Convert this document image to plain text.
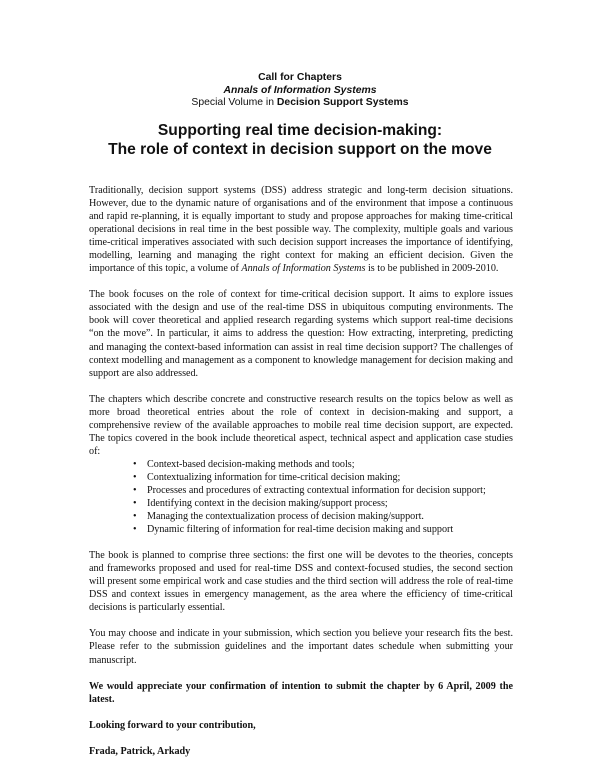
Call for Chapters
Annals of Information Systems
Special Volume in Decision Support Systems
Supporting real time decision-making:
The role of context in decision support on the move

Traditionally, decision support systems (DSS) address strategic and long-term decision situations. However, due to the dynamic nature of organisations and of the environment that impose a continuous and rapid re-planning, it is equally important to study and propose approaches for making time-critical operational decisions in real time in the best possible way. The complexity, multiple goals and various time-critical imperatives associated with such decision support increases the importance of identifying, modelling, learning and managing the right context for making an efficient decision. Given the importance of this topic, a volume of Annals of Information Systems is to be published in 2009-2010.

The book focuses on the role of context for time-critical decision support. It aims to explore issues associated with the design and use of the real-time DSS in ubiquitous computing environments. The book will cover theoretical and applied research regarding systems which support real-time decisions “on the move”. In particular, it aims to address the question: How extracting, interpreting, predicting and managing the context-based information can assist in real time decision support? The challenges of context modelling and management as a component to knowledge management for decision making and support are also addressed.

The chapters which describe concrete and constructive research results on the topics below as well as more broad theoretical entries about the role of context in decision-making and support, a comprehensive review of the available approaches to mobile real time decision support, are expected. The topics covered in the book include theoretical aspect, technical aspect and application case studies of:

• Context-based decision-making methods and tools;
• Contextualizing information for time-critical decision making;
• Processes and procedures of extracting contextual information for decision support;
• Identifying context in the decision making/support process;
• Managing the contextualization process of decision making/support.
• Dynamic filtering of information for real-time decision making and support

The book is planned to comprise three sections: the first one will be devotes to the theories, concepts and frameworks proposed and used for real-time DSS and context-focused studies, the second section will present some empirical work and case studies and the third section will address the role of real-time DSS and context issues in emergency management, as the area where the efficiency of time-critical decisions is particularly essential.

You may choose and indicate in your submission, which section you believe your research fits the best. Please refer to the submission guidelines and the important dates schedule when submitting your manuscript.

We would appreciate your confirmation of intention to submit the chapter by 6 April, 2009 the latest.

Looking forward to your contribution,

Frada, Patrick, Arkady
